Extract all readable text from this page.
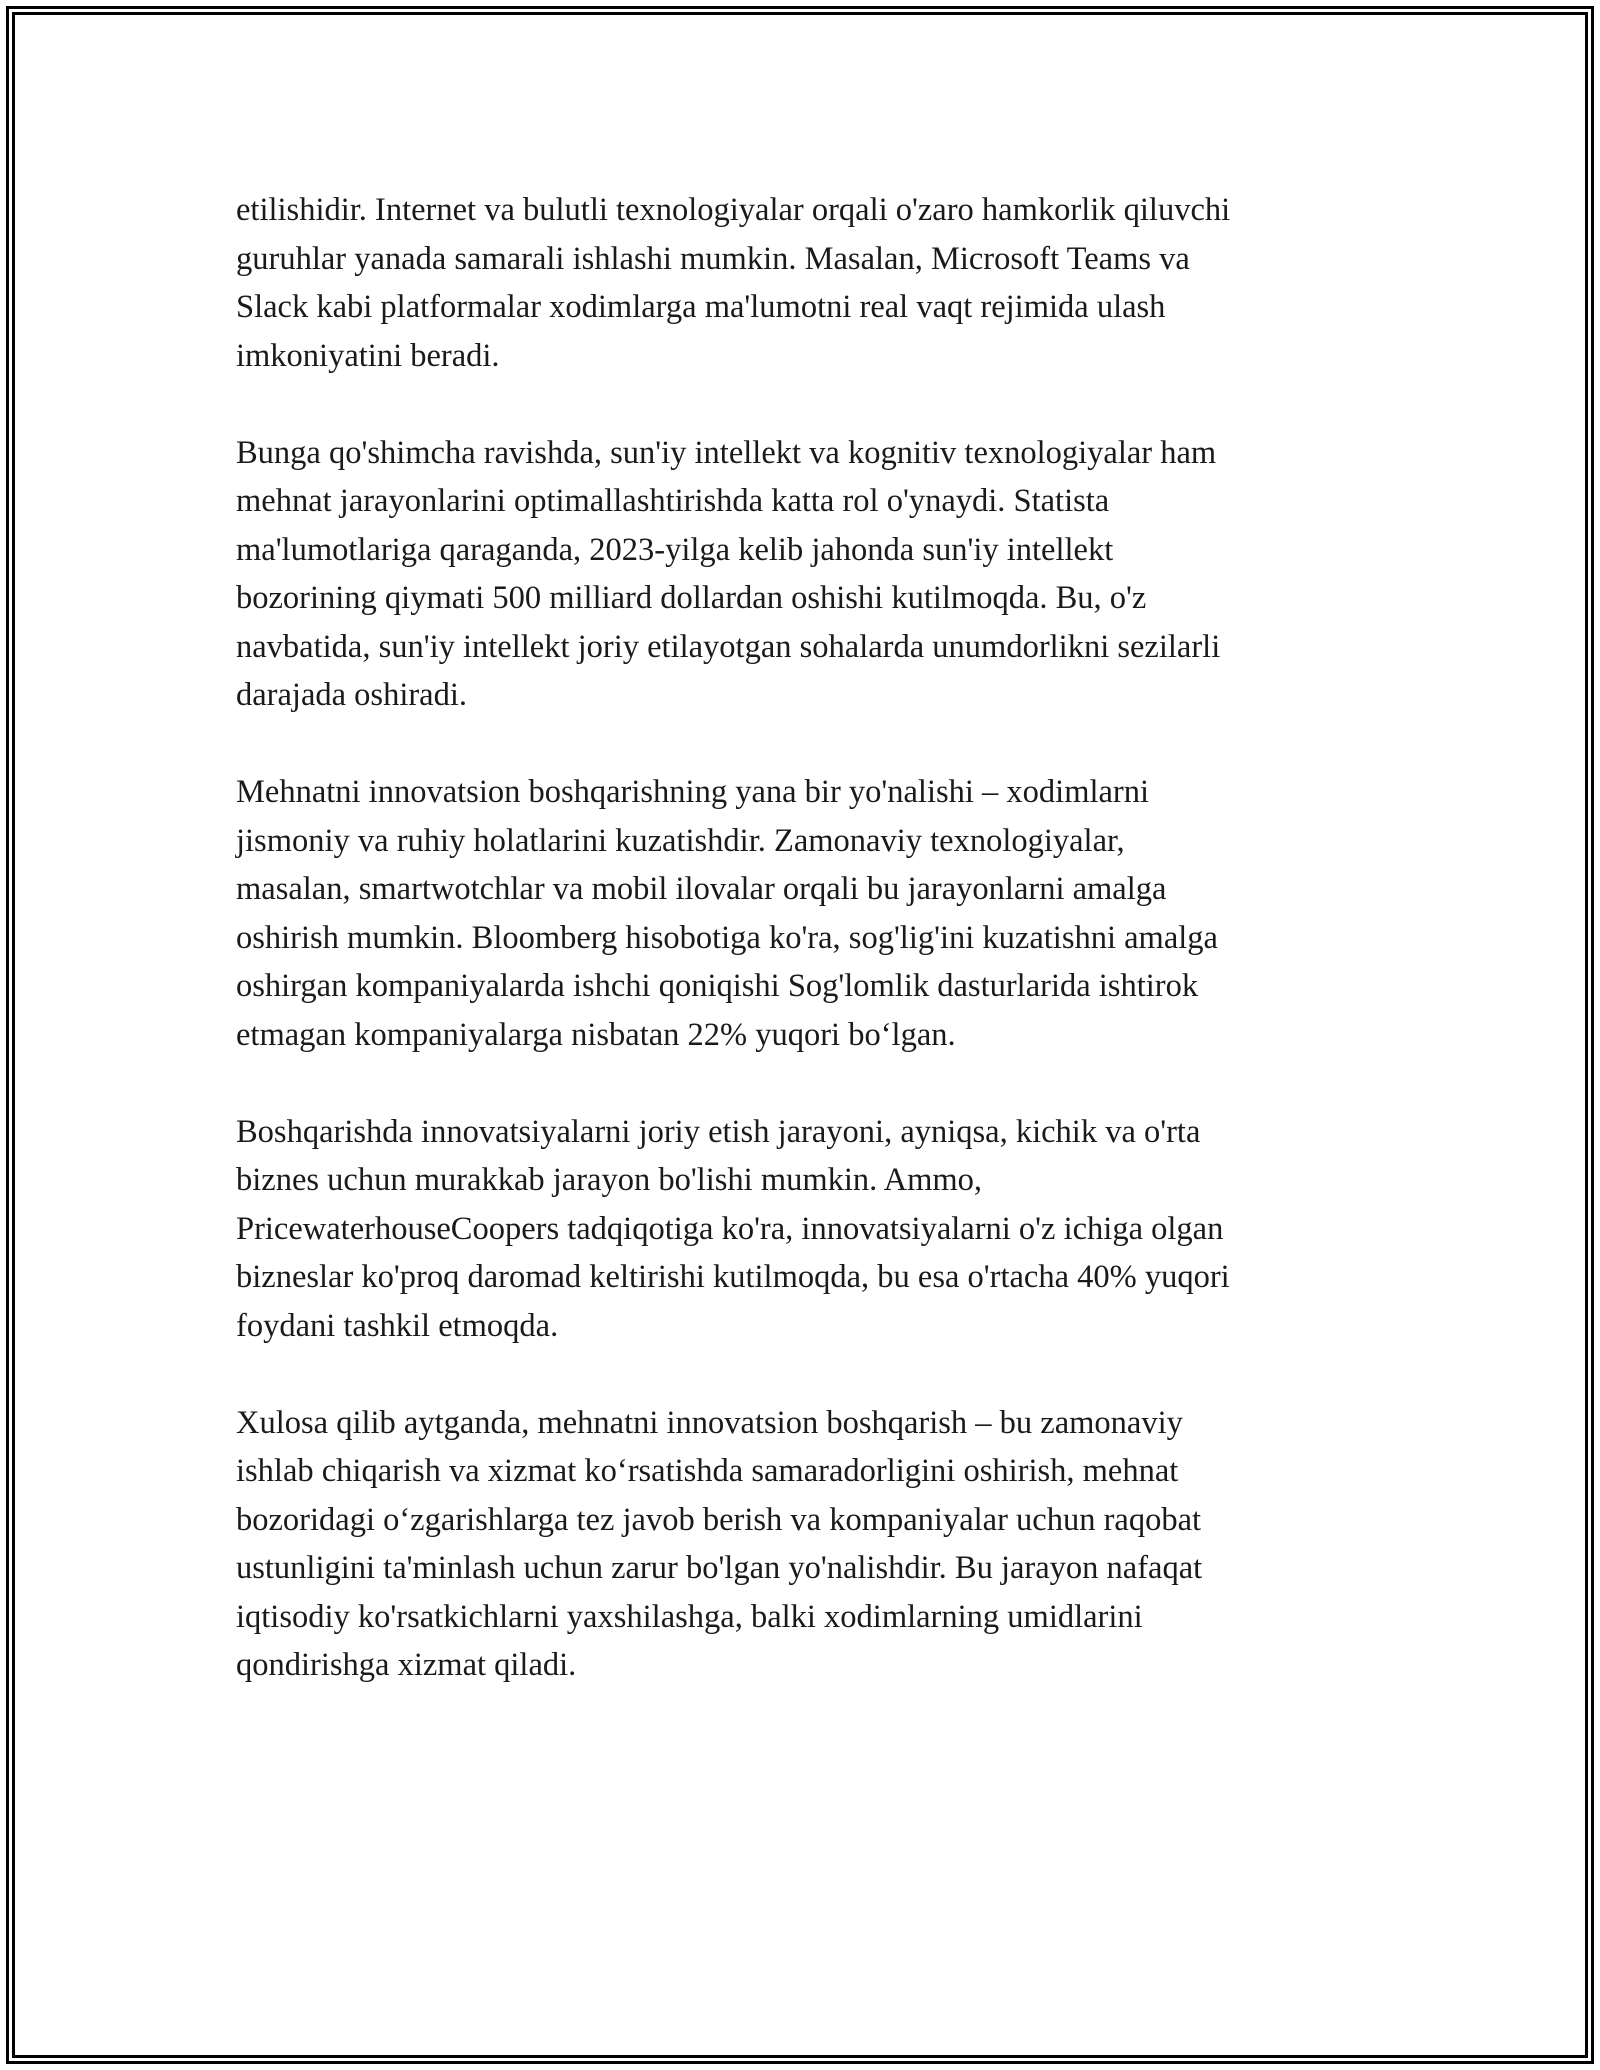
etilishidir. Internet va bulutli texnologiyalar orqali o'zaro hamkorlik qiluvchi
guruhlar yanada samarali ishlashi mumkin. Masalan, Microsoft Teams va
Slack kabi platformalar xodimlarga ma'lumotni real vaqt rejimida ulash
imkoniyatini beradi.

Bunga qo'shimcha ravishda, sun'iy intellekt va kognitiv texnologiyalar ham
mehnat jarayonlarini optimallashtirishda katta rol o'ynaydi. Statista
ma'lumotlariga qaraganda, 2023-yilga kelib jahonda sun'iy intellekt
bozorining qiymati 500 milliard dollardan oshishi kutilmoqda. Bu, o'z
navbatida, sun'iy intellekt joriy etilayotgan sohalarda unumdorlikni sezilarli
darajada oshiradi.

Mehnatni innovatsion boshqarishning yana bir yo'nalishi – xodimlarni
jismoniy va ruhiy holatlarini kuzatishdir. Zamonaviy texnologiyalar,
masalan, smartwotchlar va mobil ilovalar orqali bu jarayonlarni amalga
oshirish mumkin. Bloomberg hisobotiga ko'ra, sog'lig'ini kuzatishni amalga
oshirgan kompaniyalarda ishchi qoniqishi Sog'lomlik dasturlarida ishtirok
etmagan kompaniyalarga nisbatan 22% yuqori bo‘lgan.

Boshqarishda innovatsiyalarni joriy etish jarayoni, ayniqsa, kichik va o'rta
biznes uchun murakkab jarayon bo'lishi mumkin. Ammo,
PricewaterhouseCoopers tadqiqotiga ko'ra, innovatsiyalarni o'z ichiga olgan
bizneslar ko'proq daromad keltirishi kutilmoqda, bu esa o'rtacha 40% yuqori
foydani tashkil etmoqda.

Xulosa qilib aytganda, mehnatni innovatsion boshqarish – bu zamonaviy
ishlab chiqarish va xizmat ko‘rsatishda samaradorligini oshirish, mehnat
bozoridagi o‘zgarishlarga tez javob berish va kompaniyalar uchun raqobat
ustunligini ta'minlash uchun zarur bo'lgan yo'nalishdir. Bu jarayon nafaqat
iqtisodiy ko'rsatkichlarni yaxshilashga, balki xodimlarning umidlarini
qondirishga xizmat qiladi.
